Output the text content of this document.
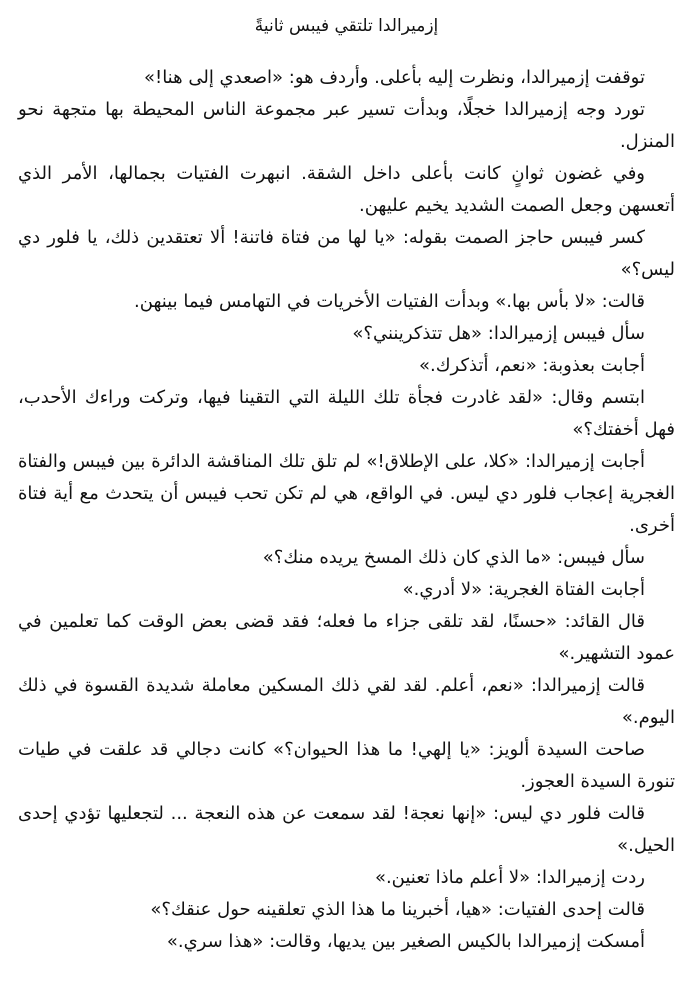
إزميرالدا تلتقي فيبس ثانيةً

توقفت إزميرالدا، ونظرت إليه بأعلى. وأردف هو: «اصعدي إلى هنا!»

تورد وجه إزميرالدا خجلًا، وبدأت تسير عبر مجموعة الناس المحيطة بها متجهة نحو المنزل.

وفي غضون ثوانٍ كانت بأعلى داخل الشقة. انبهرت الفتيات بجمالها، الأمر الذي أتعسهن وجعل الصمت الشديد يخيم عليهن.

كسر فيبس حاجز الصمت بقوله: «يا لها من فتاة فاتنة! ألا تعتقدين ذلك، يا فلور دي ليس؟»

قالت: «لا بأس بها.» وبدأت الفتيات الأخريات في التهامس فيما بينهن.

سأل فيبس إزميرالدا: «هل تتذكرينني؟»

أجابت بعذوبة: «نعم، أتذكرك.»

ابتسم وقال: «لقد غادرت فجأة تلك الليلة التي التقينا فيها، وتركت وراءك الأحدب، فهل أخفتك؟»

أجابت إزميرالدا: «كلا، على الإطلاق!» لم تلق تلك المناقشة الدائرة بين فيبس والفتاة الغجرية إعجاب فلور دي ليس. في الواقع، هي لم تكن تحب فيبس أن يتحدث مع أية فتاة أخرى.

سأل فيبس: «ما الذي كان ذلك المسخ يريده منك؟»

أجابت الفتاة الغجرية: «لا أدري.»

قال القائد: «حسنًا، لقد تلقى جزاء ما فعله؛ فقد قضى بعض الوقت كما تعلمين في عمود التشهير.»

قالت إزميرالدا: «نعم، أعلم. لقد لقي ذلك المسكين معاملة شديدة القسوة في ذلك اليوم.»

صاحت السيدة ألويز: «يا إلهي! ما هذا الحيوان؟» كانت دجالي قد علقت في طيات تنورة السيدة العجوز.

قالت فلور دي ليس: «إنها نعجة! لقد سمعت عن هذه النعجة ... لتجعليها تؤدي إحدى الحيل.»

ردت إزميرالدا: «لا أعلم ماذا تعنين.»

قالت إحدى الفتيات: «هيا، أخبرينا ما هذا الذي تعلقينه حول عنقك؟»

أمسكت إزميرالدا بالكيس الصغير بين يديها، وقالت: «هذا سري.»
